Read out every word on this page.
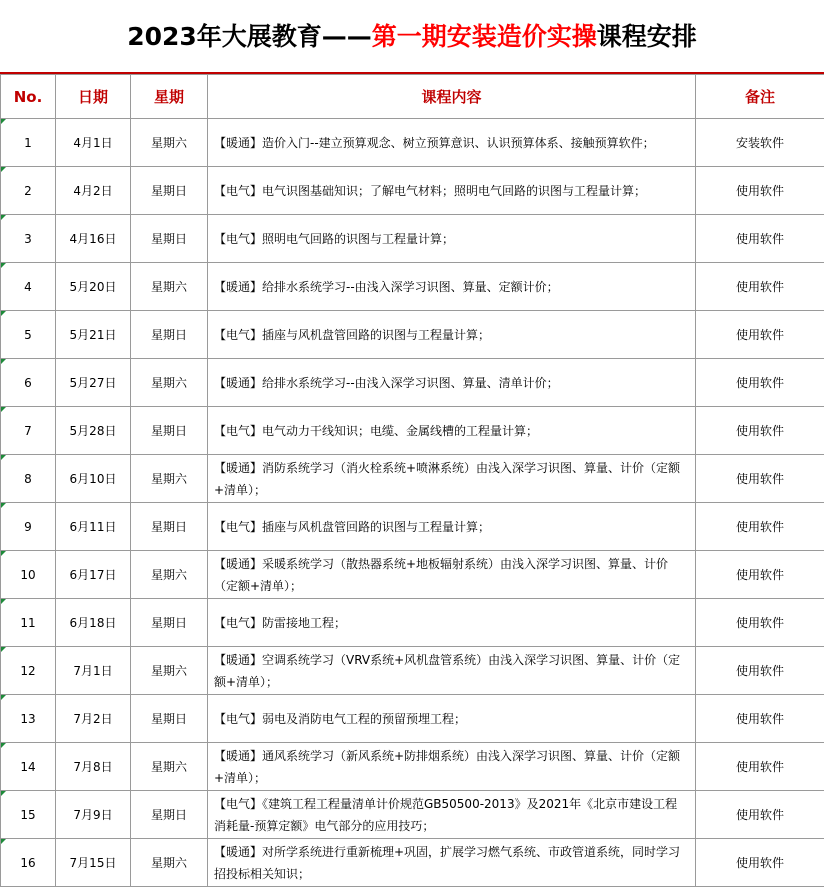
2023年大展教育——第一期安装造价实操课程安排
No.	日期	星期	课程内容	备注
1	4月1日	星期六	【暖通】造价入门--建立预算观念、树立预算意识、认识预算体系、接触预算软件；	安装软件
2	4月2日	星期日	【电气】电气识图基础知识；了解电气材料；照明电气回路的识图与工程量计算；	使用软件
3	4月16日	星期日	【电气】照明电气回路的识图与工程量计算；	使用软件
4	5月20日	星期六	【暖通】给排水系统学习--由浅入深学习识图、算量、定额计价；	使用软件
5	5月21日	星期日	【电气】插座与风机盘管回路的识图与工程量计算；	使用软件
6	5月27日	星期六	【暖通】给排水系统学习--由浅入深学习识图、算量、清单计价；	使用软件
7	5月28日	星期日	【电气】电气动力干线知识；电缆、金属线槽的工程量计算；	使用软件
8	6月10日	星期六	【暖通】消防系统学习（消火栓系统+喷淋系统）由浅入深学习识图、算量、计价（定额+清单）；	使用软件
9	6月11日	星期日	【电气】插座与风机盘管回路的识图与工程量计算；	使用软件
10	6月17日	星期六	【暖通】采暖系统学习（散热器系统+地板辐射系统）由浅入深学习识图、算量、计价（定额+清单）；	使用软件
11	6月18日	星期日	【电气】防雷接地工程；	使用软件
12	7月1日	星期六	【暖通】空调系统学习（VRV系统+风机盘管系统）由浅入深学习识图、算量、计价（定额+清单）；	使用软件
13	7月2日	星期日	【电气】弱电及消防电气工程的预留预埋工程；	使用软件
14	7月8日	星期六	【暖通】通风系统学习（新风系统+防排烟系统）由浅入深学习识图、算量、计价（定额+清单）；	使用软件
15	7月9日	星期日	【电气】《建筑工程工程量清单计价规范GB50500-2013》及2021年《北京市建设工程消耗量-预算定额》电气部分的应用技巧；	使用软件
16	7月15日	星期六	【暖通】对所学系统进行重新梳理+巩固，扩展学习燃气系统、市政管道系统，同时学习招投标相关知识；	使用软件
